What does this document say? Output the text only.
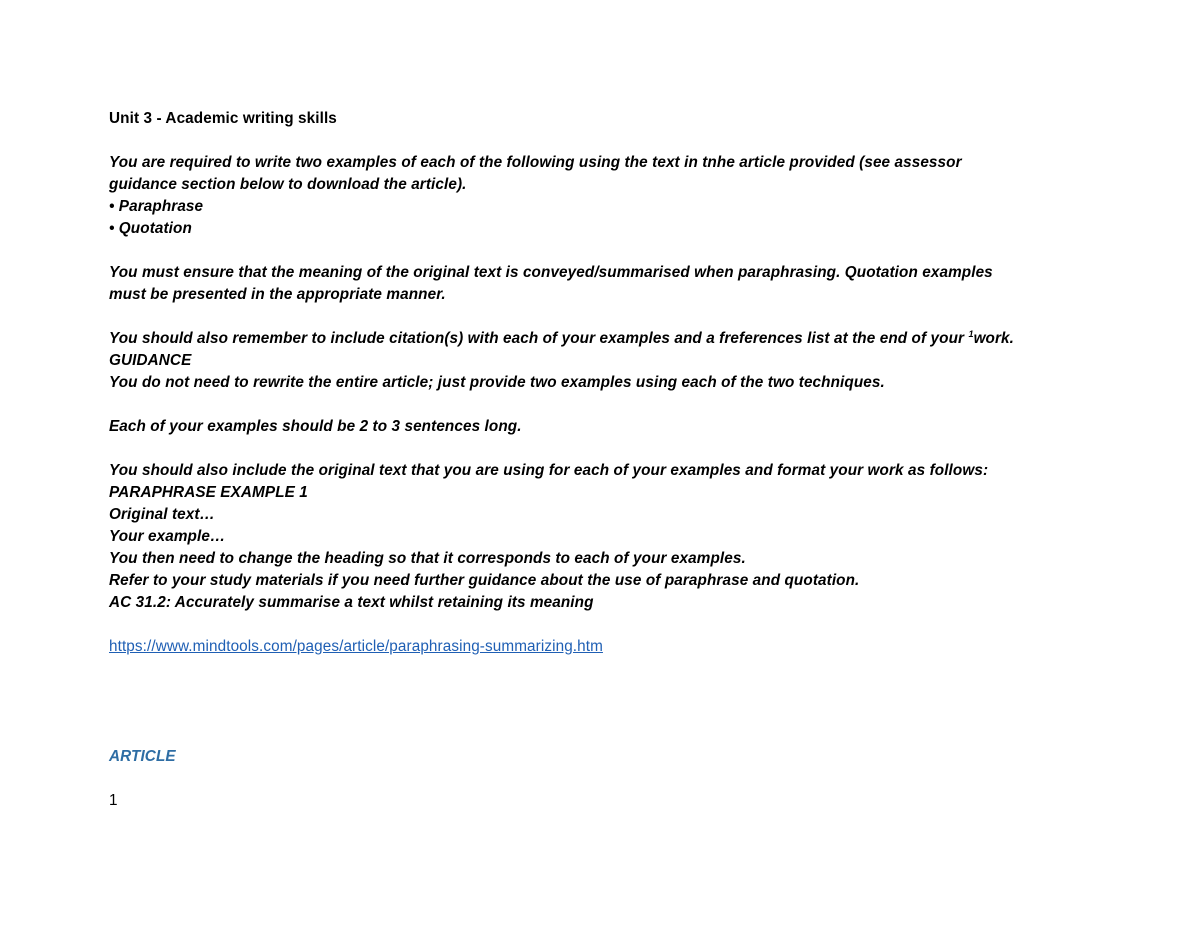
Unit 3 - Academic writing skills

You are required to write two examples of each of the following using the text in tnhe article provided (see assessor

guidance section below to download the article).

• Paraphrase

• Quotation

You must ensure that the meaning of the original text is conveyed/summarised when paraphrasing. Quotation examples

must be presented in the appropriate manner.

You should also remember to include citation(s) with each of your examples and a freferences list at the end of your $^1$work.

GUIDANCE

You do not need to rewrite the entire article; just provide two examples using each of the two techniques.

Each of your examples should be 2 to 3 sentences long.

You should also include the original text that you are using for each of your examples and format your work as follows:

PARAPHRASE EXAMPLE 1

Original text…

Your example…

You then need to change the heading so that it corresponds to each of your examples.

Refer to your study materials if you need further guidance about the use of paraphrase and quotation.

AC 31.2: Accurately summarise a text whilst retaining its meaning

https://www.mindtools.com/pages/article/paraphrasing-summarizing.htm

ARTICLE

1
